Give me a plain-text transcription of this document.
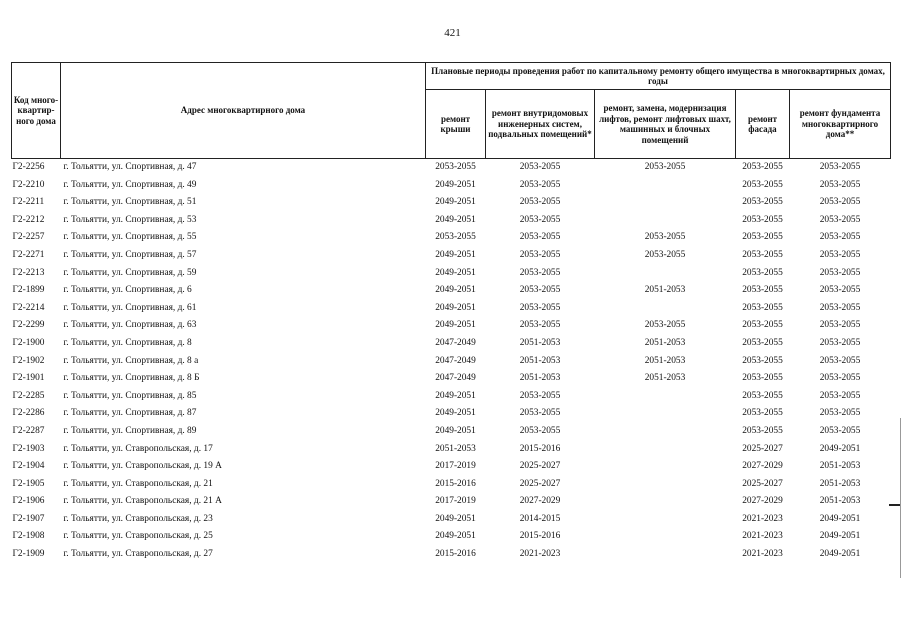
421
Код много-квартир-ного дома	Адрес многоквартирного дома	Плановые периоды проведения работ по капитальному ремонту общего имущества в многоквартирных домах, годы				
		ремонт крыши	ремонт внутридомовых инженерных систем, подвальных помещений*	ремонт, замена, модернизация лифтов, ремонт лифтовых шахт, машинных и блочных помещений	ремонт фасада	ремонт фундамента многоквартирного дома**
Г2-2256	г. Тольятти, ул. Спортивная, д. 47	2053-2055	2053-2055	2053-2055	2053-2055	2053-2055
Г2-2210	г. Тольятти, ул. Спортивная, д. 49	2049-2051	2053-2055		2053-2055	2053-2055
Г2-2211	г. Тольятти, ул. Спортивная, д. 51	2049-2051	2053-2055		2053-2055	2053-2055
Г2-2212	г. Тольятти, ул. Спортивная, д. 53	2049-2051	2053-2055		2053-2055	2053-2055
Г2-2257	г. Тольятти, ул. Спортивная, д. 55	2053-2055	2053-2055	2053-2055	2053-2055	2053-2055
Г2-2271	г. Тольятти, ул. Спортивная, д. 57	2049-2051	2053-2055	2053-2055	2053-2055	2053-2055
Г2-2213	г. Тольятти, ул. Спортивная, д. 59	2049-2051	2053-2055		2053-2055	2053-2055
Г2-1899	г. Тольятти, ул. Спортивная, д. 6	2049-2051	2053-2055	2051-2053	2053-2055	2053-2055
Г2-2214	г. Тольятти, ул. Спортивная, д. 61	2049-2051	2053-2055		2053-2055	2053-2055
Г2-2299	г. Тольятти, ул. Спортивная, д. 63	2049-2051	2053-2055	2053-2055	2053-2055	2053-2055
Г2-1900	г. Тольятти, ул. Спортивная, д. 8	2047-2049	2051-2053	2051-2053	2053-2055	2053-2055
Г2-1902	г. Тольятти, ул. Спортивная, д. 8 а	2047-2049	2051-2053	2051-2053	2053-2055	2053-2055
Г2-1901	г. Тольятти, ул. Спортивная, д. 8 Б	2047-2049	2051-2053	2051-2053	2053-2055	2053-2055
Г2-2285	г. Тольятти, ул. Спортивная, д. 85	2049-2051	2053-2055		2053-2055	2053-2055
Г2-2286	г. Тольятти, ул. Спортивная, д. 87	2049-2051	2053-2055		2053-2055	2053-2055
Г2-2287	г. Тольятти, ул. Спортивная, д. 89	2049-2051	2053-2055		2053-2055	2053-2055
Г2-1903	г. Тольятти, ул. Ставропольская, д. 17	2051-2053	2015-2016		2025-2027	2049-2051
Г2-1904	г. Тольятти, ул. Ставропольская, д. 19 А	2017-2019	2025-2027		2027-2029	2051-2053
Г2-1905	г. Тольятти, ул. Ставропольская, д. 21	2015-2016	2025-2027		2025-2027	2051-2053
Г2-1906	г. Тольятти, ул. Ставропольская, д. 21 А	2017-2019	2027-2029		2027-2029	2051-2053
Г2-1907	г. Тольятти, ул. Ставропольская, д. 23	2049-2051	2014-2015		2021-2023	2049-2051
Г2-1908	г. Тольятти, ул. Ставропольская, д. 25	2049-2051	2015-2016		2021-2023	2049-2051
Г2-1909	г. Тольятти, ул. Ставропольская, д. 27	2015-2016	2021-2023		2021-2023	2049-2051
